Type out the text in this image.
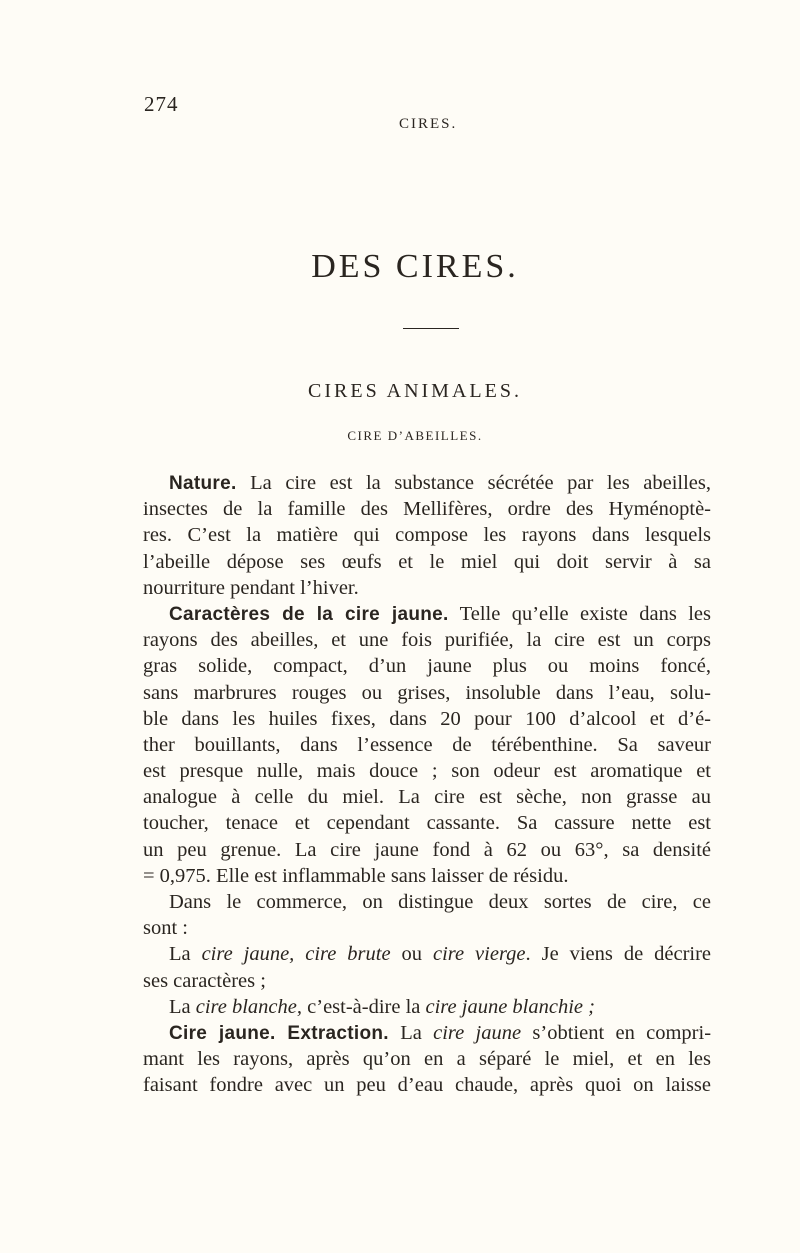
274
CIRES.
DES CIRES.
CIRES ANIMALES.
CIRE D’ABEILLES.
Nature. La cire est la substance sécrétée par les abeilles,
insectes de la famille des Mellifères, ordre des Hyménoptè-
res. C’est la matière qui compose les rayons dans lesquels
l’abeille dépose ses œufs et le miel qui doit servir à sa
nourriture pendant l’hiver.
Caractères de la cire jaune. Telle qu’elle existe dans les
rayons des abeilles, et une fois purifiée, la cire est un corps
gras solide, compact, d’un jaune plus ou moins foncé,
sans marbrures rouges ou grises, insoluble dans l’eau, solu-
ble dans les huiles fixes, dans 20 pour 100 d’alcool et d’é-
ther bouillants, dans l’essence de térébenthine. Sa saveur
est presque nulle, mais douce ; son odeur est aromatique et
analogue à celle du miel. La cire est sèche, non grasse au
toucher, tenace et cependant cassante. Sa cassure nette est
un peu grenue. La cire jaune fond à 62 ou 63°, sa densité
= 0,975. Elle est inflammable sans laisser de résidu.
Dans le commerce, on distingue deux sortes de cire, ce
sont :
La cire jaune, cire brute ou cire vierge. Je viens de décrire
ses caractères ;
La cire blanche, c’est-à-dire la cire jaune blanchie ;
Cire jaune. Extraction. La cire jaune s’obtient en compri-
mant les rayons, après qu’on en a séparé le miel, et en les
faisant fondre avec un peu d’eau chaude, après quoi on laisse
